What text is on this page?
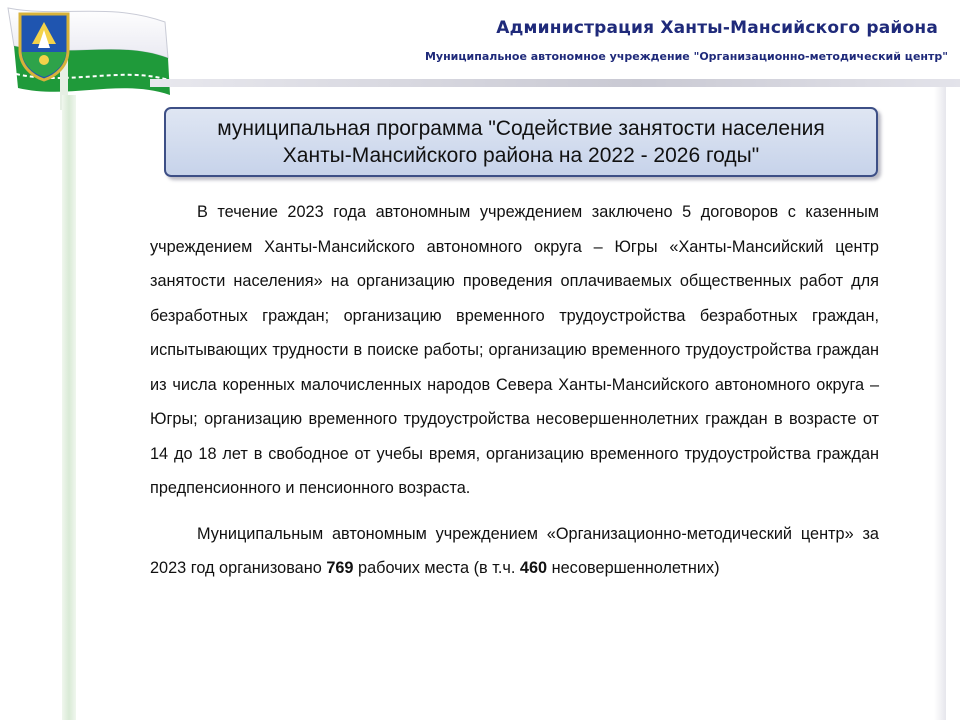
Администрация Ханты-Мансийского района
Муниципальное автономное учреждение "Организационно-методический центр"
муниципальная программа "Содействие занятости населения Ханты-Мансийского района на 2022 - 2026 годы"

В течение 2023 года автономным учреждением заключено 5 договоров с казенным учреждением Ханты-Мансийского автономного округа – Югры «Ханты-Мансийский центр занятости населения» на организацию проведения оплачиваемых общественных работ для безработных граждан; организацию временного трудоустройства безработных граждан, испытывающих трудности в поиске работы; организацию временного трудоустройства граждан из числа коренных малочисленных народов Севера Ханты-Мансийского автономного округа – Югры; организацию временного трудоустройства несовершеннолетних граждан в возрасте от 14 до 18 лет в свободное от учебы время, организацию временного трудоустройства граждан предпенсионного и пенсионного возраста.

Муниципальным автономным учреждением «Организационно-методический центр» за 2023 год организовано 769 рабочих места (в т.ч. 460 несовершеннолетних)
